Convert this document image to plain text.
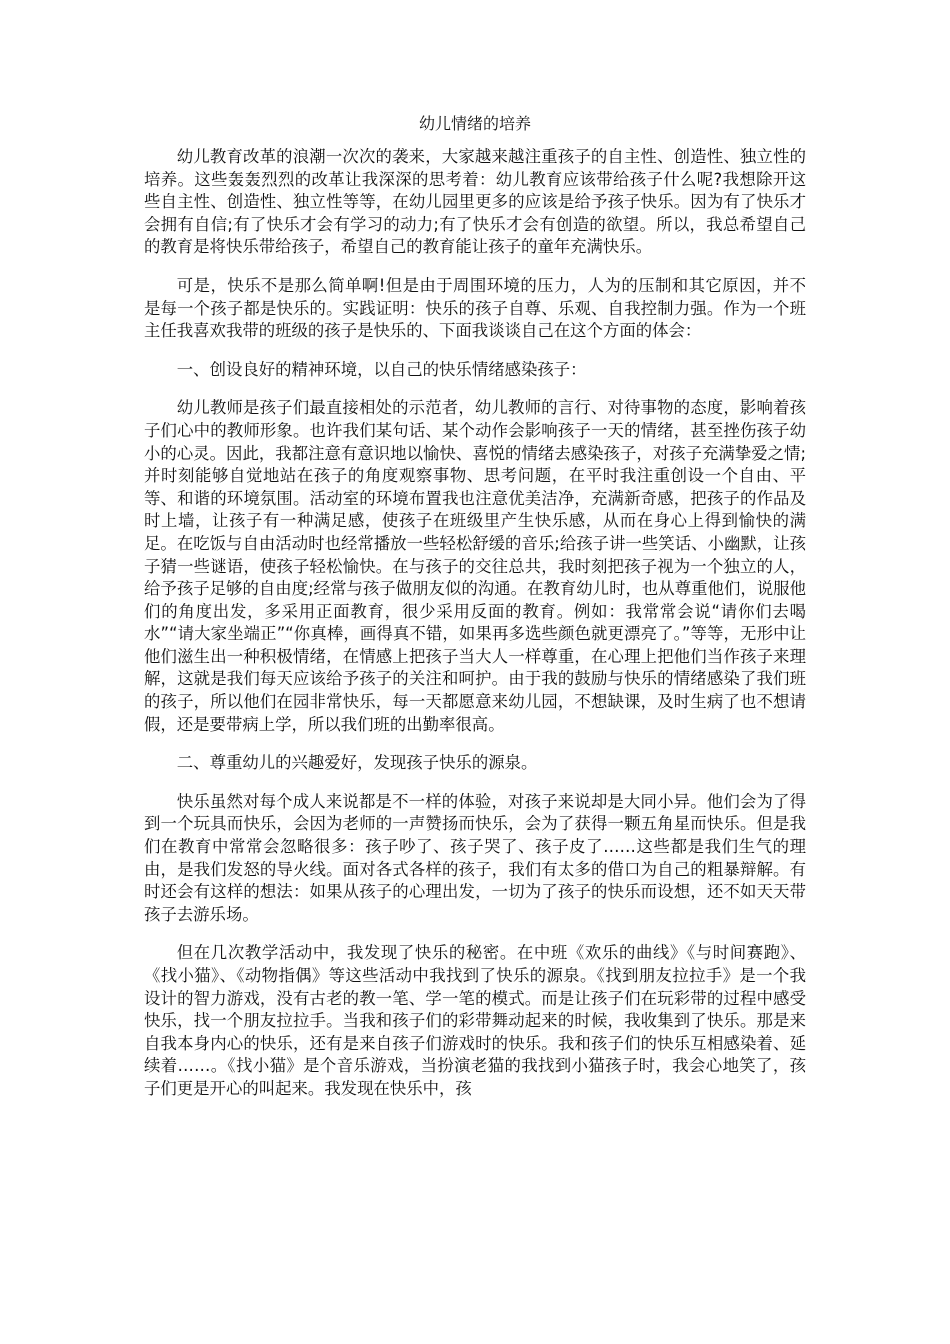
幼儿情绪的培养

幼儿教育改革的浪潮一次次的袭来，大家越来越注重孩子的自主性、创造性、独立性的培养。这些轰轰烈烈的改革让我深深的思考着：幼儿教育应该带给孩子什么呢?我想除开这些自主性、创造性、独立性等等，在幼儿园里更多的应该是给予孩子快乐。因为有了快乐才会拥有自信;有了快乐才会有学习的动力;有了快乐才会有创造的欲望。所以，我总希望自己的教育是将快乐带给孩子，希望自己的教育能让孩子的童年充满快乐。

可是，快乐不是那么简单啊!但是由于周围环境的压力，人为的压制和其它原因，并不是每一个孩子都是快乐的。实践证明：快乐的孩子自尊、乐观、自我控制力强。作为一个班主任我喜欢我带的班级的孩子是快乐的、下面我谈谈自己在这个方面的体会：

一、创设良好的精神环境，以自己的快乐情绪感染孩子：

幼儿教师是孩子们最直接相处的示范者，幼儿教师的言行、对待事物的态度，影响着孩子们心中的教师形象。也许我们某句话、某个动作会影响孩子一天的情绪，甚至挫伤孩子幼小的心灵。因此，我都注意有意识地以愉快、喜悦的情绪去感染孩子，对孩子充满挚爱之情;并时刻能够自觉地站在孩子的角度观察事物、思考问题，在平时我注重创设一个自由、平等、和谐的环境氛围。活动室的环境布置我也注意优美洁净，充满新奇感，把孩子的作品及时上墙，让孩子有一种满足感，使孩子在班级里产生快乐感，从而在身心上得到愉快的满足。在吃饭与自由活动时也经常播放一些轻松舒缓的音乐;给孩子讲一些笑话、小幽默，让孩子猜一些谜语，使孩子轻松愉快。在与孩子的交往总共，我时刻把孩子视为一个独立的人，给予孩子足够的自由度;经常与孩子做朋友似的沟通。在教育幼儿时，也从尊重他们，说服他们的角度出发，多采用正面教育，很少采用反面的教育。例如：我常常会说“请你们去喝水”“请大家坐端正”“你真棒，画得真不错，如果再多选些颜色就更漂亮了。”等等，无形中让他们滋生出一种积极情绪，在情感上把孩子当大人一样尊重，在心理上把他们当作孩子来理解，这就是我们每天应该给予孩子的关注和呵护。由于我的鼓励与快乐的情绪感染了我们班的孩子，所以他们在园非常快乐，每一天都愿意来幼儿园，不想缺课，及时生病了也不想请假，还是要带病上学，所以我们班的出勤率很高。

二、尊重幼儿的兴趣爱好，发现孩子快乐的源泉。

快乐虽然对每个成人来说都是不一样的体验，对孩子来说却是大同小异。他们会为了得到一个玩具而快乐，会因为老师的一声赞扬而快乐，会为了获得一颗五角星而快乐。但是我们在教育中常常会忽略很多：孩子吵了、孩子哭了、孩子皮了……这些都是我们生气的理由，是我们发怒的导火线。面对各式各样的孩子，我们有太多的借口为自己的粗暴辩解。有时还会有这样的想法：如果从孩子的心理出发，一切为了孩子的快乐而设想，还不如天天带孩子去游乐场。

但在几次教学活动中，我发现了快乐的秘密。在中班《欢乐的曲线》《与时间赛跑》、《找小猫》、《动物指偶》等这些活动中我找到了快乐的源泉。《找到朋友拉拉手》是一个我设计的智力游戏，没有古老的教一笔、学一笔的模式。而是让孩子们在玩彩带的过程中感受快乐，找一个朋友拉拉手。当我和孩子们的彩带舞动起来的时候，我收集到了快乐。那是来自我本身内心的快乐，还有是来自孩子们游戏时的快乐。我和孩子们的快乐互相感染着、延续着……。《找小猫》是个音乐游戏，当扮演老猫的我找到小猫孩子时，我会心地笑了，孩子们更是开心的叫起来。我发现在快乐中，孩
